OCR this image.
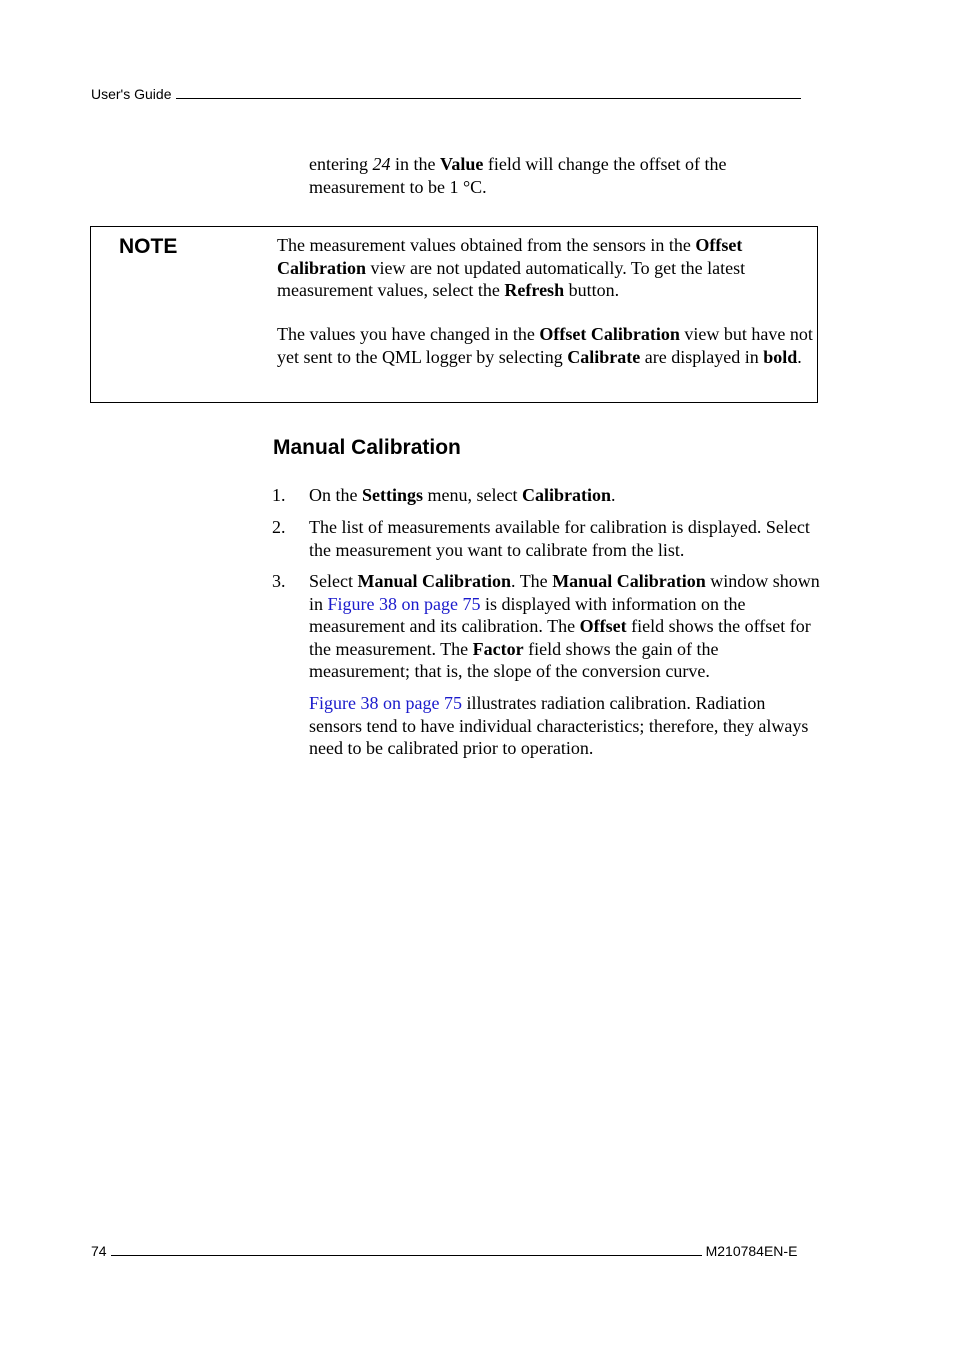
User's Guide
entering 24 in the Value field will change the offset of the measurement to be 1 °C.
NOTE	The measurement values obtained from the sensors in the Offset Calibration view are not updated automatically. To get the latest measurement values, select the Refresh button.
The values you have changed in the Offset Calibration view but have not yet sent to the QML logger by selecting Calibrate are displayed in bold.
Manual Calibration
1. On the Settings menu, select Calibration.
2. The list of measurements available for calibration is displayed. Select the measurement you want to calibrate from the list.
3. Select Manual Calibration. The Manual Calibration window shown in Figure 38 on page 75 is displayed with information on the measurement and its calibration. The Offset field shows the offset for the measurement. The Factor field shows the gain of the measurement; that is, the slope of the conversion curve.
Figure 38 on page 75 illustrates radiation calibration. Radiation sensors tend to have individual characteristics; therefore, they always need to be calibrated prior to operation.
74	M210784EN-E
